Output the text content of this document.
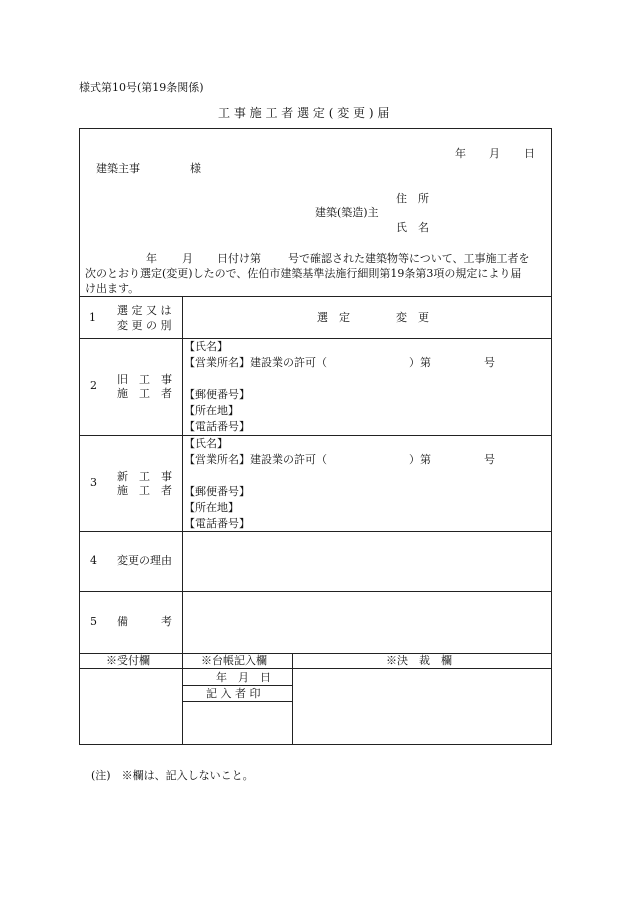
様式第10号(第19条関係)
工 事 施 工 者 選 定 ( 変 更 ) 届
年 月 日
建築主事	様
住　所
建築(築造)主
氏　名
年 月 日付け第 号で確認された建築物等について、工事施工者を
次のとおり選定(変更)したので、佐伯市建築基準法施行細則第19条第3項の規定により届
け出ます。
1
選 定 又 は
変 更 の 別
選　定	変　更
2 旧　工　事
施　工　者
【氏名】
【営業所名】建設業の許可（	）第	号
【郵便番号】
【所在地】
【電話番号】
3 新　工　事
施　工　者
【氏名】
【営業所名】建設業の許可（	）第	号
【郵便番号】
【所在地】
【電話番号】
4 変更の理由
5 備　　　考
※受付欄	※台帳記入欄	※決　裁　欄
年　月　日
記 入 者 印
(注)　※欄は、記入しないこと。
